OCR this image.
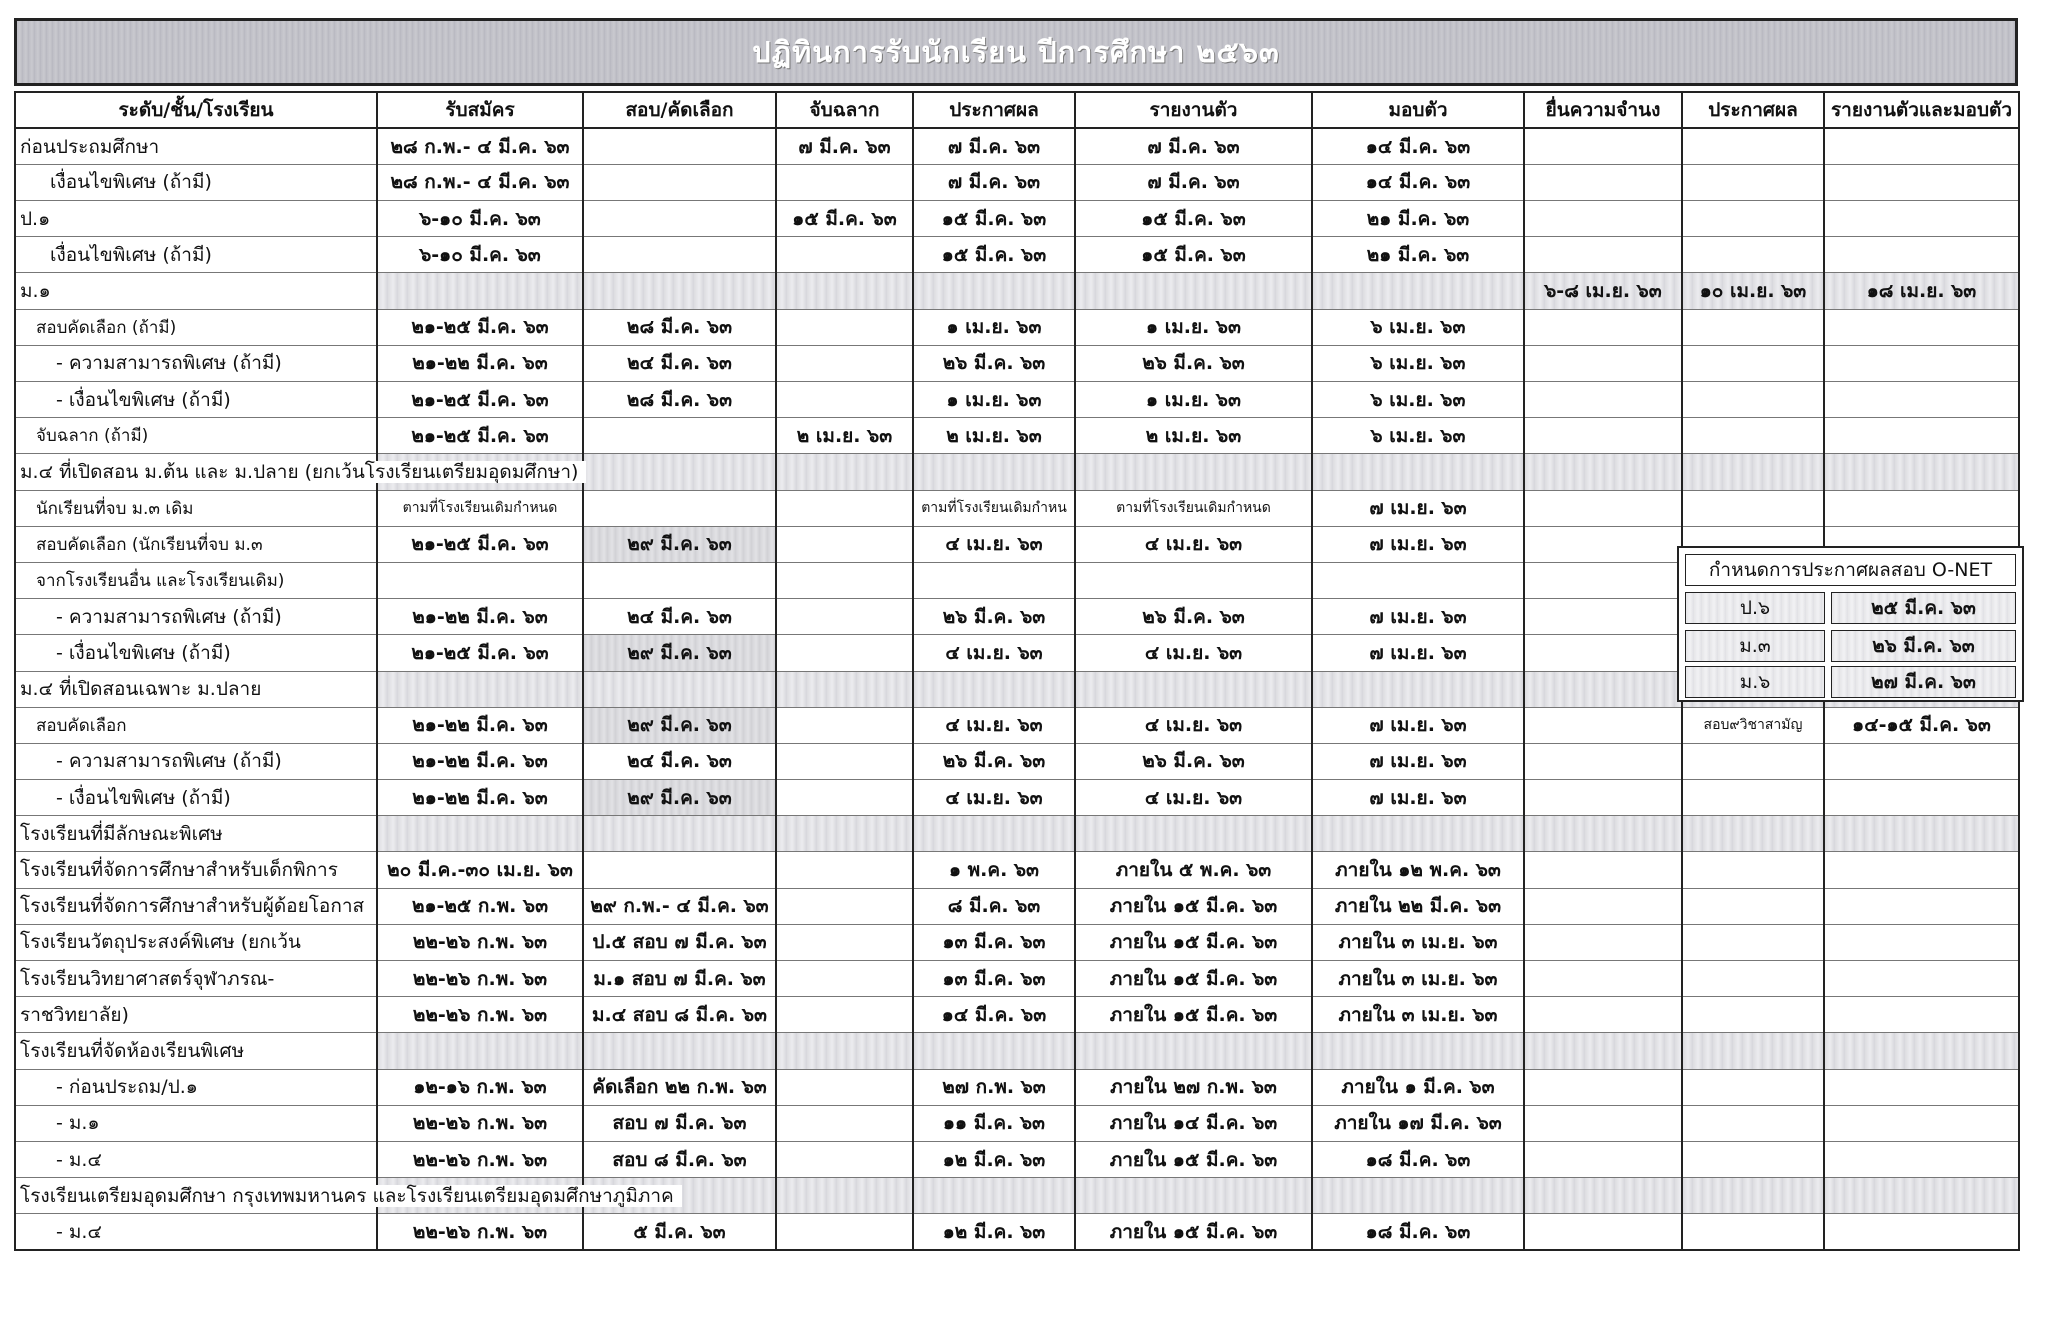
ปฏิทินการรับนักเรียน ปีการศึกษา ๒๕๖๓
ระดับ/ชั้น/โรงเรียน	รับสมัคร	สอบ/คัดเลือก	จับฉลาก	ประกาศผล	รายงานตัว	มอบตัว	ยื่นความจำนง	ประกาศผล	รายงานตัวและมอบตัว
ก่อนประถมศึกษา	๒๘ ก.พ.- ๔ มี.ค. ๖๓		๗ มี.ค. ๖๓	๗ มี.ค. ๖๓	๗ มี.ค. ๖๓	๑๔ มี.ค. ๖๓			
เงื่อนไขพิเศษ (ถ้ามี)	๒๘ ก.พ.- ๔ มี.ค. ๖๓			๗ มี.ค. ๖๓	๗ มี.ค. ๖๓	๑๔ มี.ค. ๖๓			
ป.๑	๖-๑๐ มี.ค. ๖๓		๑๕ มี.ค. ๖๓	๑๕ มี.ค. ๖๓	๑๕ มี.ค. ๖๓	๒๑ มี.ค. ๖๓			
เงื่อนไขพิเศษ (ถ้ามี)	๖-๑๐ มี.ค. ๖๓			๑๕ มี.ค. ๖๓	๑๕ มี.ค. ๖๓	๒๑ มี.ค. ๖๓			
ม.๑							๖-๘ เม.ย. ๖๓	๑๐ เม.ย. ๖๓	๑๘ เม.ย. ๖๓
สอบคัดเลือก (ถ้ามี)	๒๑-๒๕ มี.ค. ๖๓	๒๘ มี.ค. ๖๓		๑ เม.ย. ๖๓	๑ เม.ย. ๖๓	๖ เม.ย. ๖๓			
- ความสามารถพิเศษ (ถ้ามี)	๒๑-๒๒ มี.ค. ๖๓	๒๔ มี.ค. ๖๓		๒๖ มี.ค. ๖๓	๒๖ มี.ค. ๖๓	๖ เม.ย. ๖๓			
- เงื่อนไขพิเศษ (ถ้ามี)	๒๑-๒๕ มี.ค. ๖๓	๒๘ มี.ค. ๖๓		๑ เม.ย. ๖๓	๑ เม.ย. ๖๓	๖ เม.ย. ๖๓			
จับฉลาก (ถ้ามี)	๒๑-๒๕ มี.ค. ๖๓		๒ เม.ย. ๖๓	๒ เม.ย. ๖๓	๒ เม.ย. ๖๓	๖ เม.ย. ๖๓			
ม.๔ ที่เปิดสอน ม.ต้น และ ม.ปลาย (ยกเว้นโรงเรียนเตรียมอุดมศึกษา)									
นักเรียนที่จบ ม.๓ เดิม	ตามที่โรงเรียนเดิมกำหนด			ตามที่โรงเรียนเดิมกำหน	ตามที่โรงเรียนเดิมกำหนด	๗ เม.ย. ๖๓			
สอบคัดเลือก (นักเรียนที่จบ ม.๓	๒๑-๒๕ มี.ค. ๖๓	๒๙ มี.ค. ๖๓		๔ เม.ย. ๖๓	๔ เม.ย. ๖๓	๗ เม.ย. ๖๓			
จากโรงเรียนอื่น และโรงเรียนเดิม)									
- ความสามารถพิเศษ (ถ้ามี)	๒๑-๒๒ มี.ค. ๖๓	๒๔ มี.ค. ๖๓		๒๖ มี.ค. ๖๓	๒๖ มี.ค. ๖๓	๗ เม.ย. ๖๓			
- เงื่อนไขพิเศษ (ถ้ามี)	๒๑-๒๕ มี.ค. ๖๓	๒๙ มี.ค. ๖๓		๔ เม.ย. ๖๓	๔ เม.ย. ๖๓	๗ เม.ย. ๖๓			
ม.๔ ที่เปิดสอนเฉพาะ ม.ปลาย									
สอบคัดเลือก	๒๑-๒๒ มี.ค. ๖๓	๒๙ มี.ค. ๖๓		๔ เม.ย. ๖๓	๔ เม.ย. ๖๓	๗ เม.ย. ๖๓		สอบ๙วิชาสามัญ	๑๔-๑๕ มี.ค. ๖๓
- ความสามารถพิเศษ (ถ้ามี)	๒๑-๒๒ มี.ค. ๖๓	๒๔ มี.ค. ๖๓		๒๖ มี.ค. ๖๓	๒๖ มี.ค. ๖๓	๗ เม.ย. ๖๓			
- เงื่อนไขพิเศษ (ถ้ามี)	๒๑-๒๒ มี.ค. ๖๓	๒๙ มี.ค. ๖๓		๔ เม.ย. ๖๓	๔ เม.ย. ๖๓	๗ เม.ย. ๖๓			
โรงเรียนที่มีลักษณะพิเศษ									
โรงเรียนที่จัดการศึกษาสำหรับเด็กพิการ	๒๐ มี.ค.-๓๐ เม.ย. ๖๓			๑ พ.ค. ๖๓	ภายใน ๕ พ.ค. ๖๓	ภายใน ๑๒ พ.ค. ๖๓			
โรงเรียนที่จัดการศึกษาสำหรับผู้ด้อยโอกาส	๒๑-๒๕ ก.พ. ๖๓	๒๙ ก.พ.- ๔ มี.ค. ๖๓		๘ มี.ค. ๖๓	ภายใน ๑๕ มี.ค. ๖๓	ภายใน ๒๒ มี.ค. ๖๓			
โรงเรียนวัตถุประสงค์พิเศษ (ยกเว้น	๒๒-๒๖ ก.พ. ๖๓	ป.๕ สอบ ๗ มี.ค. ๖๓		๑๓ มี.ค. ๖๓	ภายใน ๑๕ มี.ค. ๖๓	ภายใน ๓ เม.ย. ๖๓			
โรงเรียนวิทยาศาสตร์จุฬาภรณ-	๒๒-๒๖ ก.พ. ๖๓	ม.๑ สอบ ๗ มี.ค. ๖๓		๑๓ มี.ค. ๖๓	ภายใน ๑๕ มี.ค. ๖๓	ภายใน ๓ เม.ย. ๖๓			
ราชวิทยาลัย)	๒๒-๒๖ ก.พ. ๖๓	ม.๔ สอบ ๘ มี.ค. ๖๓		๑๔ มี.ค. ๖๓	ภายใน ๑๕ มี.ค. ๖๓	ภายใน ๓ เม.ย. ๖๓			
โรงเรียนที่จัดห้องเรียนพิเศษ									
- ก่อนประถม/ป.๑	๑๒-๑๖ ก.พ. ๖๓	คัดเลือก ๒๒ ก.พ. ๖๓		๒๗ ก.พ. ๖๓	ภายใน ๒๗ ก.พ. ๖๓	ภายใน ๑ มี.ค. ๖๓			
- ม.๑	๒๒-๒๖ ก.พ. ๖๓	สอบ ๗ มี.ค. ๖๓		๑๑ มี.ค. ๖๓	ภายใน ๑๔ มี.ค. ๖๓	ภายใน ๑๗ มี.ค. ๖๓			
- ม.๔	๒๒-๒๖ ก.พ. ๖๓	สอบ ๘ มี.ค. ๖๓		๑๒ มี.ค. ๖๓	ภายใน ๑๕ มี.ค. ๖๓	๑๘ มี.ค. ๖๓			
โรงเรียนเตรียมอุดมศึกษา กรุงเทพมหานคร และโรงเรียนเตรียมอุดมศึกษาภูมิภาค									
- ม.๔	๒๒-๒๖ ก.พ. ๖๓	๕ มี.ค. ๖๓		๑๒ มี.ค. ๖๓	ภายใน ๑๕ มี.ค. ๖๓	๑๘ มี.ค. ๖๓			
กำหนดการประกาศผลสอบ O-NET
ป.๖	๒๕ มี.ค. ๖๓
ม.๓	๒๖ มี.ค. ๖๓
ม.๖	๒๗ มี.ค. ๖๓
